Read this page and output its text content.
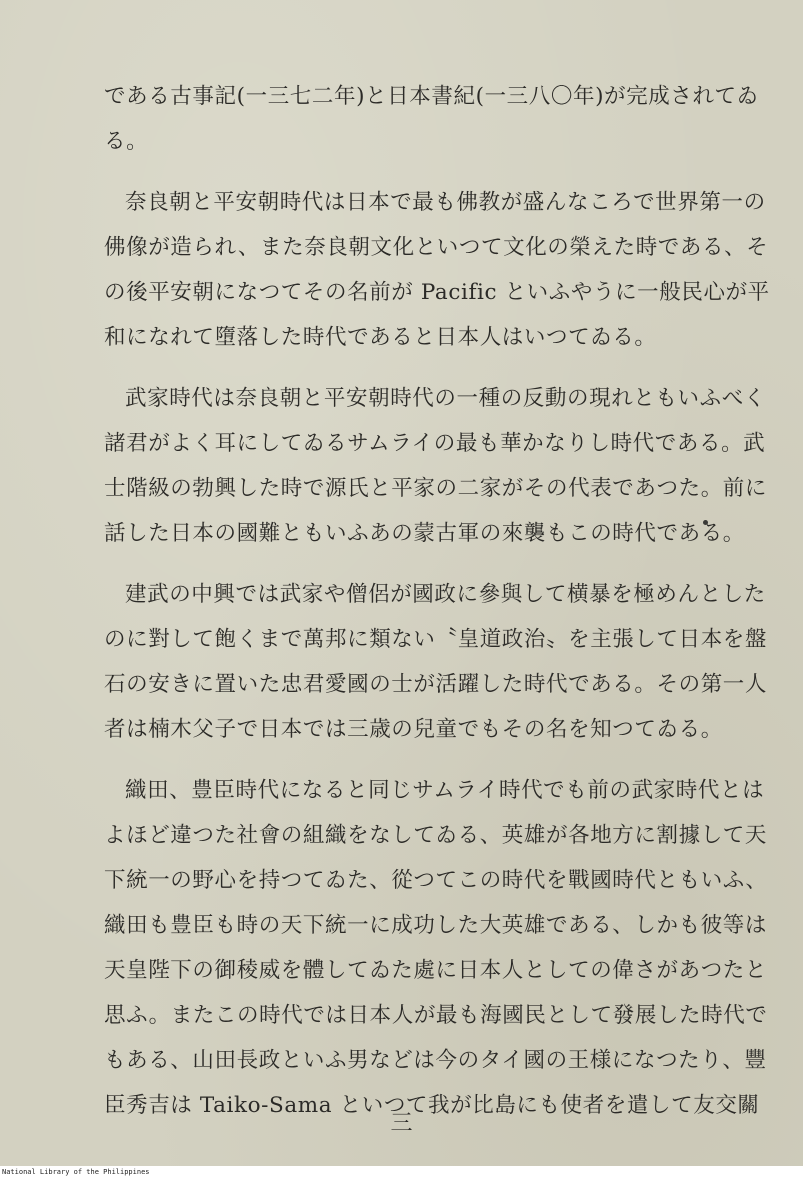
である古事記(一三七二年)と日本書紀(一三八〇年)が完成されてゐ
る。
奈良朝と平安朝時代は日本で最も佛教が盛んなころで世界第一の
佛像が造られ、また奈良朝文化といつて文化の榮えた時である、そ
の後平安朝になつてその名前が Pacific といふやうに一般民心が平
和になれて墮落した時代であると日本人はいつてゐる。
武家時代は奈良朝と平安朝時代の一種の反動の現れともいふべく
諸君がよく耳にしてゐるサムライの最も華かなりし時代である。武
士階級の勃興した時で源氏と平家の二家がその代表であつた。前に
話した日本の國難ともいふあの蒙古軍の來襲もこの時代である。
建武の中興では武家や僧侶が國政に參與して横暴を極めんとした
のに對して飽くまで萬邦に類ない〝皇道政治〟を主張して日本を盤
石の安きに置いた忠君愛國の士が活躍した時代である。その第一人
者は楠木父子で日本では三歳の兒童でもその名を知つてゐる。
織田、豊臣時代になると同じサムライ時代でも前の武家時代とは
よほど違つた社會の組織をなしてゐる、英雄が各地方に割據して天
下統一の野心を持つてゐた、從つてこの時代を戰國時代ともいふ、
織田も豊臣も時の天下統一に成功した大英雄である、しかも彼等は
天皇陛下の御稜威を體してゐた處に日本人としての偉さがあつたと
思ふ。またこの時代では日本人が最も海國民として發展した時代で
もある、山田長政といふ男などは今のタイ國の王様になつたり、豐
臣秀吉は Taiko-Sama といつて我が比島にも使者を遣して友交關
三
National Library of the Philippines
